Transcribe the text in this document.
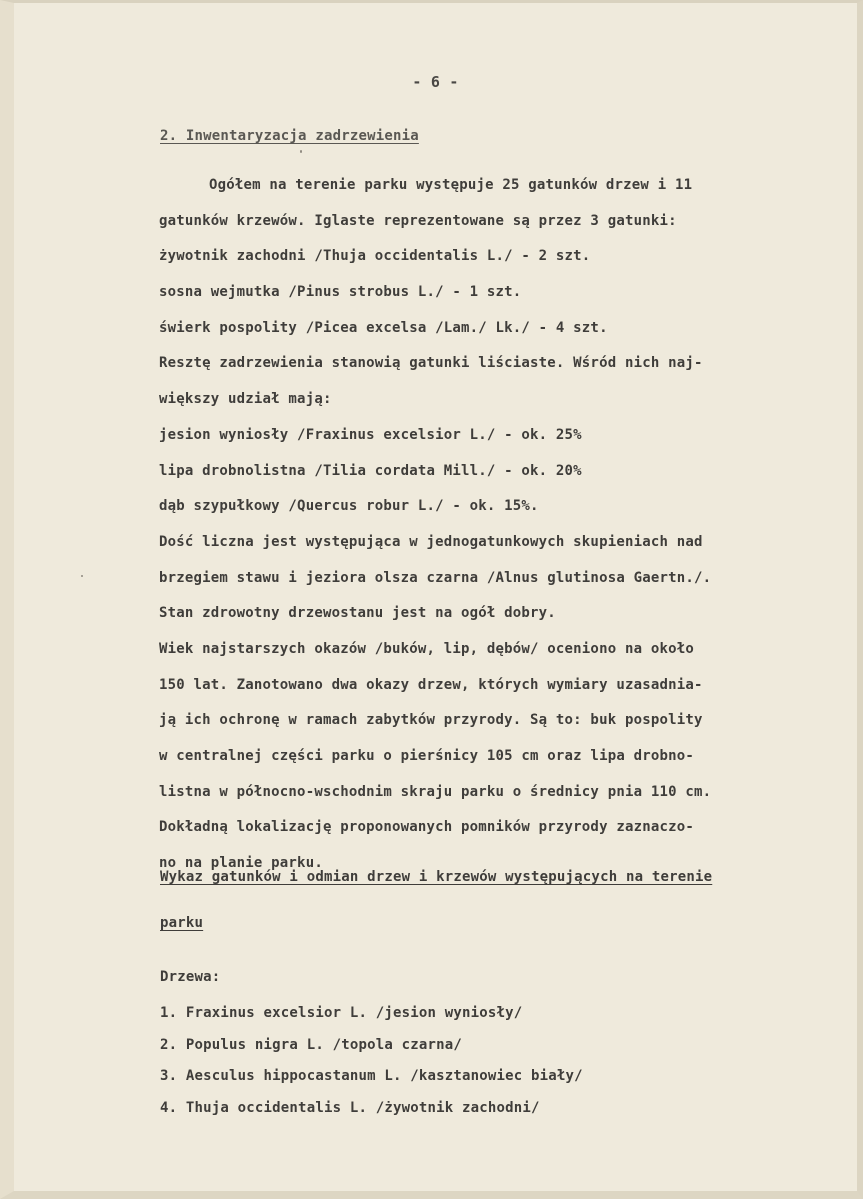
- 6 -
2. Inwentaryzacja zadrzewienia
Ogółem na terenie parku występuje 25 gatunków drzew i 11
gatunków krzewów. Iglaste reprezentowane są przez 3 gatunki:
żywotnik zachodni /Thuja occidentalis L./ - 2 szt.
sosna wejmutka /Pinus strobus L./ - 1 szt.
świerk pospolity /Picea excelsa /Lam./ Lk./ - 4 szt.
Resztę zadrzewienia stanowią gatunki liściaste. Wśród nich naj-
większy udział mają:
jesion wyniosły /Fraxinus excelsior L./ - ok. 25%
lipa drobnolistna /Tilia cordata Mill./ - ok. 20%
dąb szypułkowy /Quercus robur L./ - ok. 15%.
Dość liczna jest występująca w jednogatunkowych skupieniach nad
brzegiem stawu i jeziora olsza czarna /Alnus glutinosa Gaertn./.
Stan zdrowotny drzewostanu jest na ogół dobry.
Wiek najstarszych okazów /buków, lip, dębów/ oceniono na około
150 lat. Zanotowano dwa okazy drzew, których wymiary uzasadnia-
ją ich ochronę w ramach zabytków przyrody. Są to: buk pospolity
w centralnej części parku o pierśnicy 105 cm oraz lipa drobno-
listna w północno-wschodnim skraju parku o średnicy pnia 110 cm.
Dokładną lokalizację proponowanych pomników przyrody zaznaczo-
no na planie parku.
Wykaz gatunków i odmian drzew i krzewów występujących na terenie
parku
Drzewa:
1. Fraxinus excelsior L. /jesion wyniosły/
2. Populus nigra L. /topola czarna/
3. Aesculus hippocastanum L. /kasztanowiec biały/
4. Thuja occidentalis L. /żywotnik zachodni/
